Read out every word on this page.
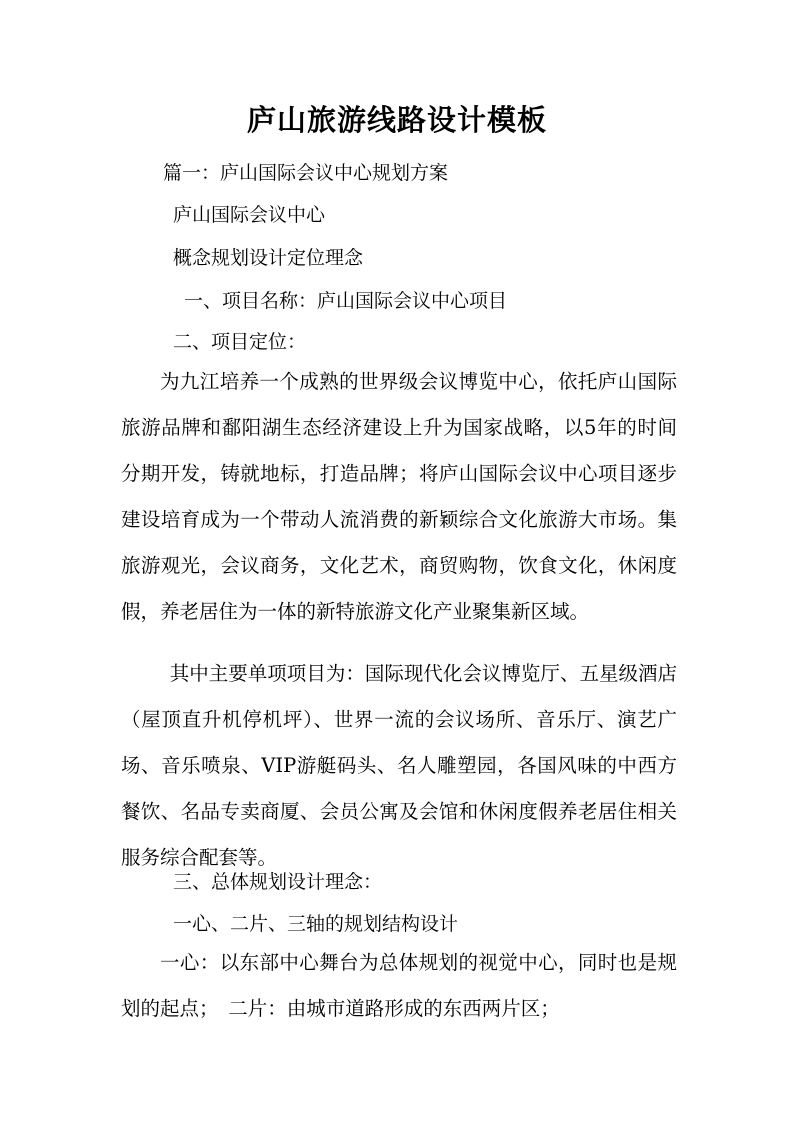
庐山旅游线路设计模板
篇一：庐山国际会议中心规划方案
庐山国际会议中心
概念规划设计定位理念
一、项目名称：庐山国际会议中心项目
二、项目定位：
为九江培养一个成熟的世界级会议博览中心，依托庐山国际旅游品牌和鄱阳湖生态经济建设上升为国家战略，以5年的时间分期开发，铸就地标，打造品牌；将庐山国际会议中心项目逐步建设培育成为一个带动人流消费的新颖综合文化旅游大市场。集旅游观光，会议商务，文化艺术，商贸购物，饮食文化，休闲度假，养老居住为一体的新特旅游文化产业聚集新区域。
其中主要单项项目为：国际现代化会议博览厅、五星级酒店（屋顶直升机停机坪）、世界一流的会议场所、音乐厅、演艺广场、音乐喷泉、VIP游艇码头、名人雕塑园，各国风味的中西方餐饮、名品专卖商厦、会员公寓及会馆和休闲度假养老居住相关服务综合配套等。
三、总体规划设计理念：
一心、二片、三轴的规划结构设计
一心：以东部中心舞台为总体规划的视觉中心，同时也是规划的起点；　二片：由城市道路形成的东西两片区；
